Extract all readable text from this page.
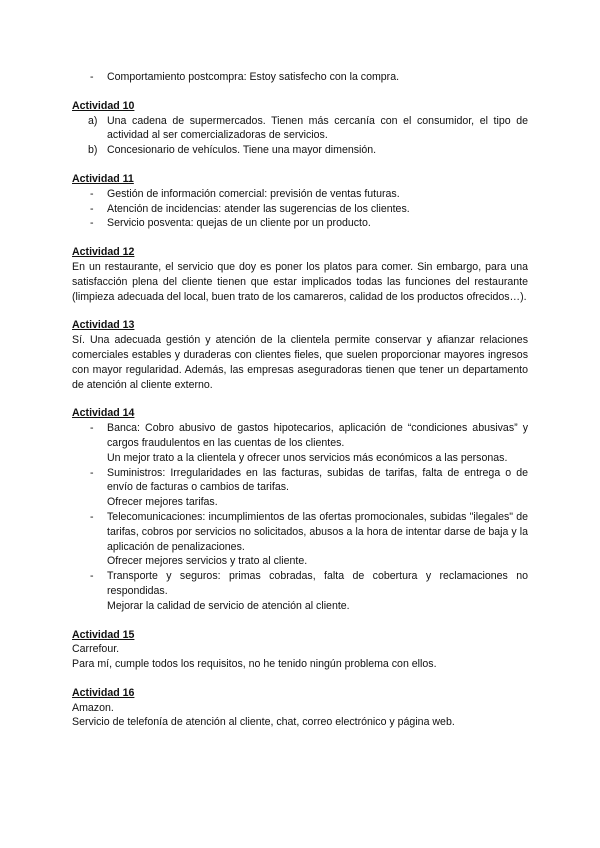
- Comportamiento postcompra: Estoy satisfecho con la compra.
Actividad 10
a) Una cadena de supermercados. Tienen más cercanía con el consumidor, el tipo de actividad al ser comercializadoras de servicios.
b) Concesionario de vehículos. Tiene una mayor dimensión.
Actividad 11
- Gestión de información comercial: previsión de ventas futuras.
- Atención de incidencias: atender las sugerencias de los clientes.
- Servicio posventa: quejas de un cliente por un producto.
Actividad 12
En un restaurante, el servicio que doy es poner los platos para comer. Sin embargo, para una satisfacción plena del cliente tienen que estar implicados todas las funciones del restaurante (limpieza adecuada del local, buen trato de los camareros, calidad de los productos ofrecidos…).
Actividad 13
Sí. Una adecuada gestión y atención de la clientela permite conservar y afianzar relaciones comerciales estables y duraderas con clientes fieles, que suelen proporcionar mayores ingresos con mayor regularidad. Además, las empresas aseguradoras tienen que tener un departamento de atención al cliente externo.
Actividad 14
- Banca: Cobro abusivo de gastos hipotecarios, aplicación de “condiciones abusivas” y cargos fraudulentos en las cuentas de los clientes.
Un mejor trato a la clientela y ofrecer unos servicios más económicos a las personas.
- Suministros: Irregularidades en las facturas, subidas de tarifas, falta de entrega o de envío de facturas o cambios de tarifas.
Ofrecer mejores tarifas.
- Telecomunicaciones: incumplimientos de las ofertas promocionales, subidas "ilegales" de tarifas, cobros por servicios no solicitados, abusos a la hora de intentar darse de baja y la aplicación de penalizaciones.
Ofrecer mejores servicios y trato al cliente.
- Transporte y seguros: primas cobradas, falta de cobertura y reclamaciones no respondidas.
Mejorar la calidad de servicio de atención al cliente.
Actividad 15
Carrefour.
Para mí, cumple todos los requisitos, no he tenido ningún problema con ellos.
Actividad 16
Amazon.
Servicio de telefonía de atención al cliente, chat, correo electrónico y página web.
